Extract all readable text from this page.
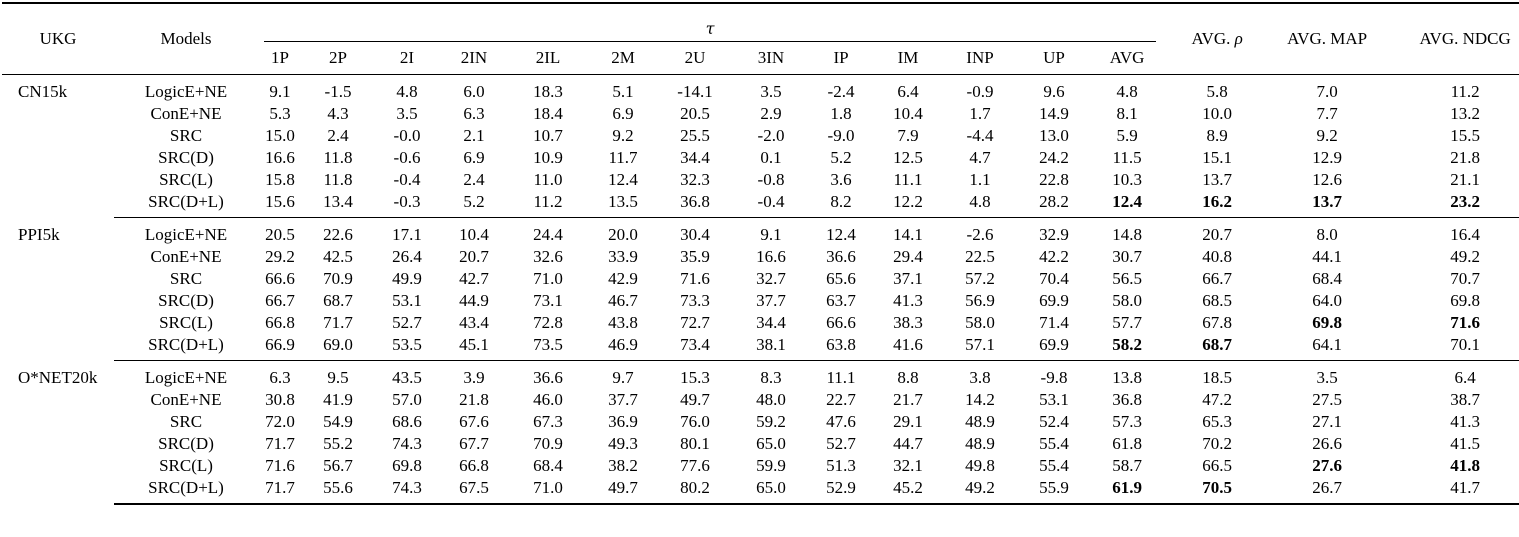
UKG	Models	τ													AVG. ρ	AVG. MAP	AVG. NDCG
		1P	2P	2I	2IN	2IL	2M	2U	3IN	IP	IM	INP	UP	AVG			
CN15k	LogicE+NE	9.1	-1.5	4.8	6.0	18.3	5.1	-14.1	3.5	-2.4	6.4	-0.9	9.6	4.8	5.8	7.0	11.2
	ConE+NE	5.3	4.3	3.5	6.3	18.4	6.9	20.5	2.9	1.8	10.4	1.7	14.9	8.1	10.0	7.7	13.2
	SRC	15.0	2.4	-0.0	2.1	10.7	9.2	25.5	-2.0	-9.0	7.9	-4.4	13.0	5.9	8.9	9.2	15.5
	SRC(D)	16.6	11.8	-0.6	6.9	10.9	11.7	34.4	0.1	5.2	12.5	4.7	24.2	11.5	15.1	12.9	21.8
	SRC(L)	15.8	11.8	-0.4	2.4	11.0	12.4	32.3	-0.8	3.6	11.1	1.1	22.8	10.3	13.7	12.6	21.1
	SRC(D+L)	15.6	13.4	-0.3	5.2	11.2	13.5	36.8	-0.4	8.2	12.2	4.8	28.2	12.4	16.2	13.7	23.2
PPI5k	LogicE+NE	20.5	22.6	17.1	10.4	24.4	20.0	30.4	9.1	12.4	14.1	-2.6	32.9	14.8	20.7	8.0	16.4
	ConE+NE	29.2	42.5	26.4	20.7	32.6	33.9	35.9	16.6	36.6	29.4	22.5	42.2	30.7	40.8	44.1	49.2
	SRC	66.6	70.9	49.9	42.7	71.0	42.9	71.6	32.7	65.6	37.1	57.2	70.4	56.5	66.7	68.4	70.7
	SRC(D)	66.7	68.7	53.1	44.9	73.1	46.7	73.3	37.7	63.7	41.3	56.9	69.9	58.0	68.5	64.0	69.8
	SRC(L)	66.8	71.7	52.7	43.4	72.8	43.8	72.7	34.4	66.6	38.3	58.0	71.4	57.7	67.8	69.8	71.6
	SRC(D+L)	66.9	69.0	53.5	45.1	73.5	46.9	73.4	38.1	63.8	41.6	57.1	69.9	58.2	68.7	64.1	70.1
O*NET20k	LogicE+NE	6.3	9.5	43.5	3.9	36.6	9.7	15.3	8.3	11.1	8.8	3.8	-9.8	13.8	18.5	3.5	6.4
	ConE+NE	30.8	41.9	57.0	21.8	46.0	37.7	49.7	48.0	22.7	21.7	14.2	53.1	36.8	47.2	27.5	38.7
	SRC	72.0	54.9	68.6	67.6	67.3	36.9	76.0	59.2	47.6	29.1	48.9	52.4	57.3	65.3	27.1	41.3
	SRC(D)	71.7	55.2	74.3	67.7	70.9	49.3	80.1	65.0	52.7	44.7	48.9	55.4	61.8	70.2	26.6	41.5
	SRC(L)	71.6	56.7	69.8	66.8	68.4	38.2	77.6	59.9	51.3	32.1	49.8	55.4	58.7	66.5	27.6	41.8
	SRC(D+L)	71.7	55.6	74.3	67.5	71.0	49.7	80.2	65.0	52.9	45.2	49.2	55.9	61.9	70.5	26.7	41.7
